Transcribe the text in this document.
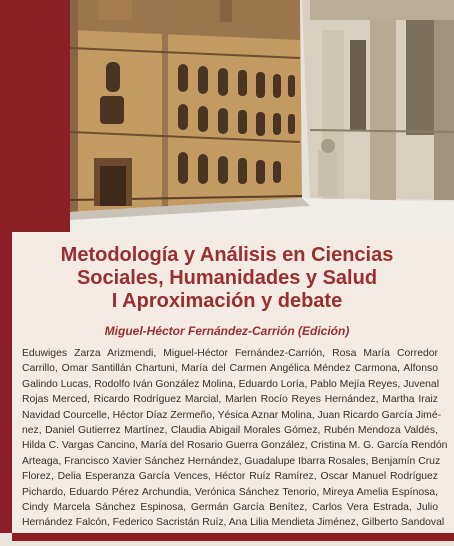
Metodología y Análisis en Ciencias
Sociales, Humanidades y Salud
I Aproximación y debate
Miguel-Héctor Fernández-Carrión (Edición)
Eduwiges Zarza Arizmendi, Miguel-Héctor Fernández-Carrión, Rosa María Corredor
Carrillo, Omar Santillán Chartuni, María del Carmen Angélica Méndez Carmona, Alfonso
Galindo Lucas, Rodolfo Iván González Molina, Eduardo Loría, Pablo Mejía Reyes, Juvenal
Rojas Merced, Ricardo Rodríguez Marcial, Marlen Rocío Reyes Hernández, Martha Iraiz
Navidad Courcelle, Héctor Díaz Zermeño, Yésica Aznar Molina, Juan Ricardo García Jimé-
nez, Daniel Gutierrez Martínez, Claudia Abigail Morales Gómez, Rubén Mendoza Valdés,
Hilda C. Vargas Cancino, María del Rosario Guerra González, Cristina M. G. García Rendón
Arteaga, Francisco Xavier Sánchez Hernández, Guadalupe Ibarra Rosales, Benjamín Cruz
Florez, Delia Esperanza García Vences, Héctor Ruíz Ramírez, Oscar Manuel Rodríguez
Pichardo, Eduardo Pérez Archundia, Verónica Sánchez Tenorio, Mireya Amelia Espínosa,
Cindy Marcela Sánchez Espinosa, Germán García Benítez, Carlos Vera Estrada, Julio
Hernández Falcón, Federico Sacristán Ruíz, Ana Lilia Mendieta Jiménez, Gilberto Sandoval
